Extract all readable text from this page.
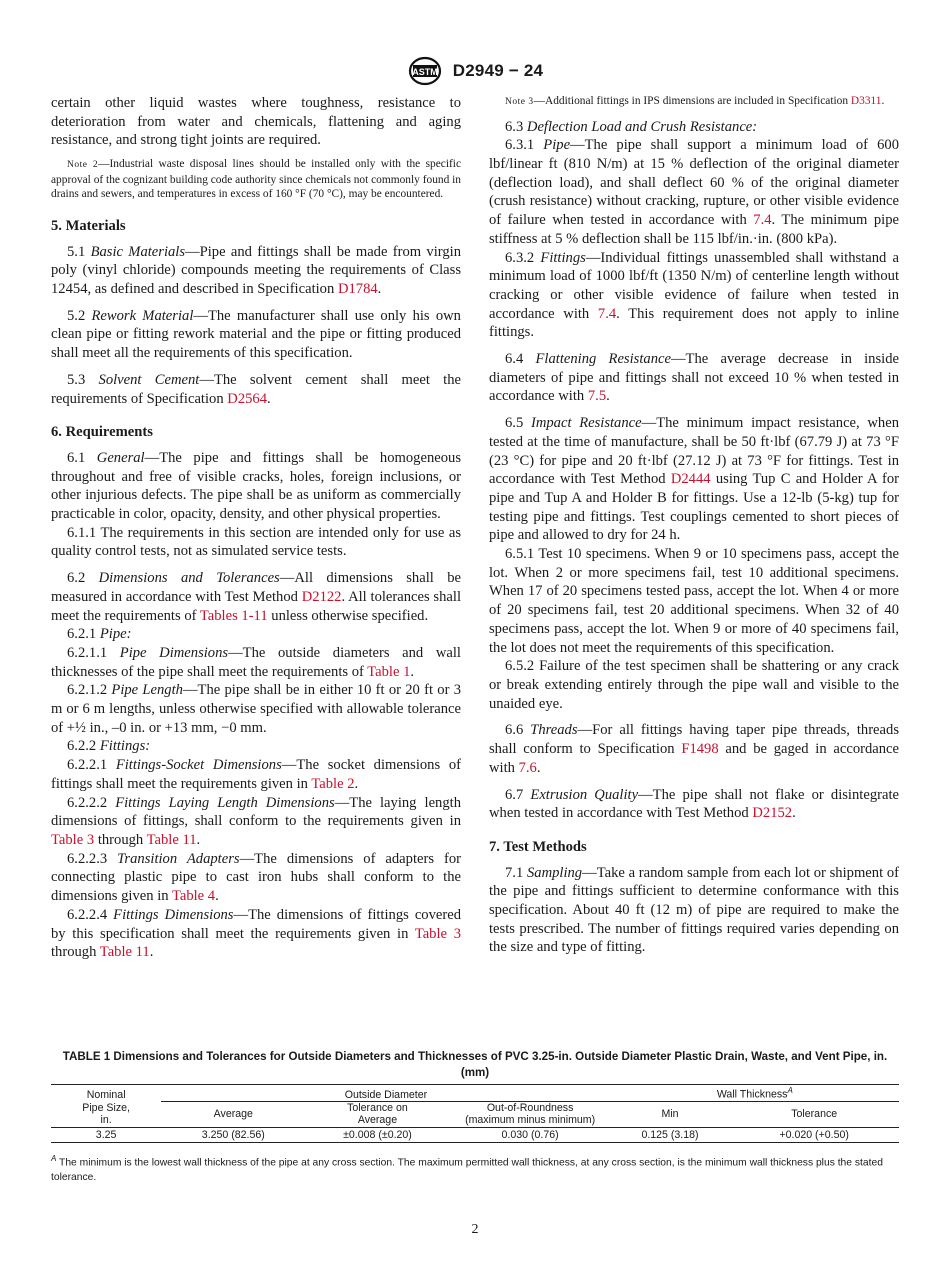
ASTM D2949 − 24

certain other liquid wastes where toughness, resistance to deterioration from water and chemicals, flattening and aging resistance, and strong tight joints are required.

Note 2—Industrial waste disposal lines should be installed only with the specific approval of the cognizant building code authority since chemicals not commonly found in drains and sewers, and temperatures in excess of 160 °F (70 °C), may be encountered.

5. Materials

5.1 Basic Materials—Pipe and fittings shall be made from virgin poly (vinyl chloride) compounds meeting the requirements of Class 12454, as defined and described in Specification D1784.

5.2 Rework Material—The manufacturer shall use only his own clean pipe or fitting rework material and the pipe or fitting produced shall meet all the requirements of this specification.

5.3 Solvent Cement—The solvent cement shall meet the requirements of Specification D2564.

6. Requirements

6.1 General—The pipe and fittings shall be homogeneous throughout and free of visible cracks, holes, foreign inclusions, or other injurious defects. The pipe shall be as uniform as commercially practicable in color, opacity, density, and other physical properties.

6.1.1 The requirements in this section are intended only for use as quality control tests, not as simulated service tests.

6.2 Dimensions and Tolerances—All dimensions shall be measured in accordance with Test Method D2122. All tolerances shall meet the requirements of Tables 1-11 unless otherwise specified.

6.2.1 Pipe:

6.2.1.1 Pipe Dimensions—The outside diameters and wall thicknesses of the pipe shall meet the requirements of Table 1.

6.2.1.2 Pipe Length—The pipe shall be in either 10 ft or 20 ft or 3 m or 6 m lengths, unless otherwise specified with allowable tolerance of +½ in., –0 in. or +13 mm, −0 mm.

6.2.2 Fittings:

6.2.2.1 Fittings-Socket Dimensions—The socket dimensions of fittings shall meet the requirements given in Table 2.

6.2.2.2 Fittings Laying Length Dimensions—The laying length dimensions of fittings, shall conform to the requirements given in Table 3 through Table 11.

6.2.2.3 Transition Adapters—The dimensions of adapters for connecting plastic pipe to cast iron hubs shall conform to the dimensions given in Table 4.

6.2.2.4 Fittings Dimensions—The dimensions of fittings covered by this specification shall meet the requirements given in Table 3 through Table 11.

Note 3—Additional fittings in IPS dimensions are included in Specification D3311.

6.3 Deflection Load and Crush Resistance:

6.3.1 Pipe—The pipe shall support a minimum load of 600 lbf/linear ft (810 N/m) at 15 % deflection of the original diameter (deflection load), and shall deflect 60 % of the original diameter (crush resistance) without cracking, rupture, or other visible evidence of failure when tested in accordance with 7.4. The minimum pipe stiffness at 5 % deflection shall be 115 lbf/in.·in. (800 kPa).

6.3.2 Fittings—Individual fittings unassembled shall withstand a minimum load of 1000 lbf/ft (1350 N/m) of centerline length without cracking or other visible evidence of failure when tested in accordance with 7.4. This requirement does not apply to inline fittings.

6.4 Flattening Resistance—The average decrease in inside diameters of pipe and fittings shall not exceed 10 % when tested in accordance with 7.5.

6.5 Impact Resistance—The minimum impact resistance, when tested at the time of manufacture, shall be 50 ft·lbf (67.79 J) at 73 °F (23 °C) for pipe and 20 ft·lbf (27.12 J) at 73 °F for fittings. Test in accordance with Test Method D2444 using Tup C and Holder A for pipe and Tup A and Holder B for fittings. Use a 12-lb (5-kg) tup for testing pipe and fittings. Test couplings cemented to short pieces of pipe and allowed to dry for 24 h.

6.5.1 Test 10 specimens. When 9 or 10 specimens pass, accept the lot. When 2 or more specimens fail, test 10 additional specimens. When 17 of 20 specimens tested pass, accept the lot. When 4 or more of 20 specimens fail, test 20 additional specimens. When 32 of 40 specimens pass, accept the lot. When 9 or more of 40 specimens fail, the lot does not meet the requirements of this specification.

6.5.2 Failure of the test specimen shall be shattering or any crack or break extending entirely through the pipe wall and visible to the unaided eye.

6.6 Threads—For all fittings having taper pipe threads, threads shall conform to Specification F1498 and be gaged in accordance with 7.6.

6.7 Extrusion Quality—The pipe shall not flake or disintegrate when tested in accordance with Test Method D2152.

7. Test Methods

7.1 Sampling—Take a random sample from each lot or shipment of the pipe and fittings sufficient to determine conformance with this specification. About 40 ft (12 m) of pipe are required to make the tests prescribed. The number of fittings required varies depending on the size and type of fitting.

TABLE 1 Dimensions and Tolerances for Outside Diameters and Thicknesses of PVC 3.25-in. Outside Diameter Plastic Drain, Waste, and Vent Pipe, in. (mm)
Nominal	Outside Diameter			Wall Thickness$^A$
Pipe Size,	Average	Tolerance on	Out-of-Roundness	Min	Tolerance
in.		Average	(maximum minus minimum)		
3.25	3.250 (82.56)	±0.008 (±0.20)	0.030 (0.76)	0.125 (3.18)	+0.020 (+0.50)
$^A$ The minimum is the lowest wall thickness of the pipe at any cross section. The maximum permitted wall thickness, at any cross section, is the minimum wall thickness plus the stated tolerance.
2
